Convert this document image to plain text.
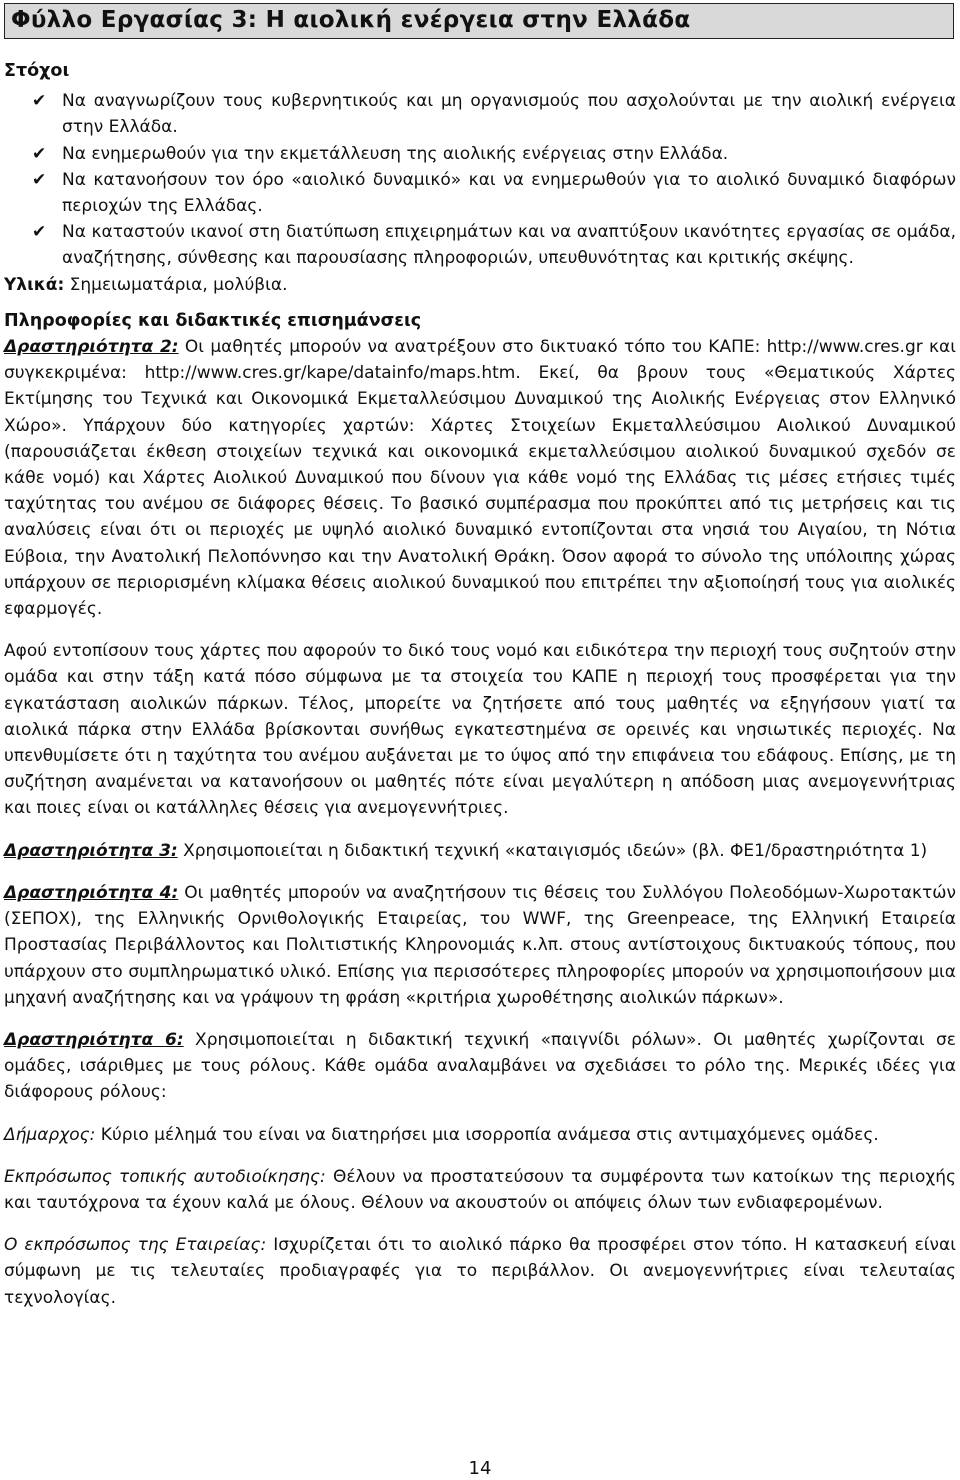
Φύλλο Εργασίας 3: Η αιολική ενέργεια στην Ελλάδα
Στόχοι
✔ Να αναγνωρίζουν τους κυβερνητικούς και μη οργανισμούς που ασχολούνται με την αιολική ενέργεια στην Ελλάδα.
✔ Να ενημερωθούν για την εκμετάλλευση της αιολικής ενέργειας στην Ελλάδα.
✔ Να κατανοήσουν τον όρο «αιολικό δυναμικό» και να ενημερωθούν για το αιολικό δυναμικό διαφόρων περιοχών της Ελλάδας.
✔ Να καταστούν ικανοί στη διατύπωση επιχειρημάτων και να αναπτύξουν ικανότητες εργασίας σε ομάδα, αναζήτησης, σύνθεσης και παρουσίασης πληροφοριών, υπευθυνότητας και κριτικής σκέψης.

Υλικά: Σημειωματάρια, μολύβια.

Πληροφορίες και διδακτικές επισημάνσεις

Δραστηριότητα 2: Οι μαθητές μπορούν να ανατρέξουν στο δικτυακό τόπο του ΚΑΠΕ: http://www.cres.gr και συγκεκριμένα: http://www.cres.gr/kape/datainfo/maps.htm. Εκεί, θα βρουν τους «Θεματικούς Χάρτες Εκτίμησης του Τεχνικά και Οικονομικά Εκμεταλλεύσιμου Δυναμικού της Αιολικής Ενέργειας στον Ελληνικό Χώρο». Υπάρχουν δύο κατηγορίες χαρτών: Χάρτες Στοιχείων Εκμεταλλεύσιμου Αιολικού Δυναμικού (παρουσιάζεται έκθεση στοιχείων τεχνικά και οικονομικά εκμεταλλεύσιμου αιολικού δυναμικού σχεδόν σε κάθε νομό) και Χάρτες Αιολικού Δυναμικού που δίνουν για κάθε νομό της Ελλάδας τις μέσες ετήσιες τιμές ταχύτητας του ανέμου σε διάφορες θέσεις. Το βασικό συμπέρασμα που προκύπτει από τις μετρήσεις και τις αναλύσεις είναι ότι οι περιοχές με υψηλό αιολικό δυναμικό εντοπίζονται στα νησιά του Αιγαίου, τη Νότια Εύβοια, την Ανατολική Πελοπόννησο και την Ανατολική Θράκη. Όσον αφορά το σύνολο της υπόλοιπης χώρας υπάρχουν σε περιορισμένη κλίμακα θέσεις αιολικού δυναμικού που επιτρέπει την αξιοποίησή τους για αιολικές εφαρμογές.

Αφού εντοπίσουν τους χάρτες που αφορούν το δικό τους νομό και ειδικότερα την περιοχή τους συζητούν στην ομάδα και στην τάξη κατά πόσο σύμφωνα με τα στοιχεία του ΚΑΠΕ η περιοχή τους προσφέρεται για την εγκατάσταση αιολικών πάρκων. Τέλος, μπορείτε να ζητήσετε από τους μαθητές να εξηγήσουν γιατί τα αιολικά πάρκα στην Ελλάδα βρίσκονται συνήθως εγκατεστημένα σε ορεινές και νησιωτικές περιοχές. Να υπενθυμίσετε ότι η ταχύτητα του ανέμου αυξάνεται με το ύψος από την επιφάνεια του εδάφους. Επίσης, με τη συζήτηση αναμένεται να κατανοήσουν οι μαθητές πότε είναι μεγαλύτερη η απόδοση μιας ανεμογεννήτριας και ποιες είναι οι κατάλληλες θέσεις για ανεμογεννήτριες.

Δραστηριότητα 3: Χρησιμοποιείται η διδακτική τεχνική «καταιγισμός ιδεών» (βλ. ΦΕ1/δραστηριότητα 1)

Δραστηριότητα 4: Οι μαθητές μπορούν να αναζητήσουν τις θέσεις του Συλλόγου Πολεοδόμων-Χωροτακτών (ΣΕΠΟΧ), της Ελληνικής Ορνιθολογικής Εταιρείας, του WWF, της Greenpeace, της Ελληνική Εταιρεία Προστασίας Περιβάλλοντος και Πολιτιστικής Κληρονομιάς κ.λπ. στους αντίστοιχους δικτυακούς τόπους, που υπάρχουν στο συμπληρωματικό υλικό. Επίσης για περισσότερες πληροφορίες μπορούν να χρησιμοποιήσουν μια μηχανή αναζήτησης και να γράψουν τη φράση «κριτήρια χωροθέτησης αιολικών πάρκων».

Δραστηριότητα 6: Χρησιμοποιείται η διδακτική τεχνική «παιγνίδι ρόλων». Οι μαθητές χωρίζονται σε ομάδες, ισάριθμες με τους ρόλους. Κάθε ομάδα αναλαμβάνει να σχεδιάσει το ρόλο της. Μερικές ιδέες για διάφορους ρόλους:

Δήμαρχος: Κύριο μέλημά του είναι να διατηρήσει μια ισορροπία ανάμεσα στις αντιμαχόμενες ομάδες.

Εκπρόσωπος τοπικής αυτοδιοίκησης: Θέλουν να προστατεύσουν τα συμφέροντα των κατοίκων της περιοχής και ταυτόχρονα τα έχουν καλά με όλους. Θέλουν να ακουστούν οι απόψεις όλων των ενδιαφερομένων.

Ο εκπρόσωπος της Εταιρείας: Ισχυρίζεται ότι το αιολικό πάρκο θα προσφέρει στον τόπο. Η κατασκευή είναι σύμφωνη με τις τελευταίες προδιαγραφές για το περιβάλλον. Οι ανεμογεννήτριες είναι τελευταίας τεχνολογίας.

14
